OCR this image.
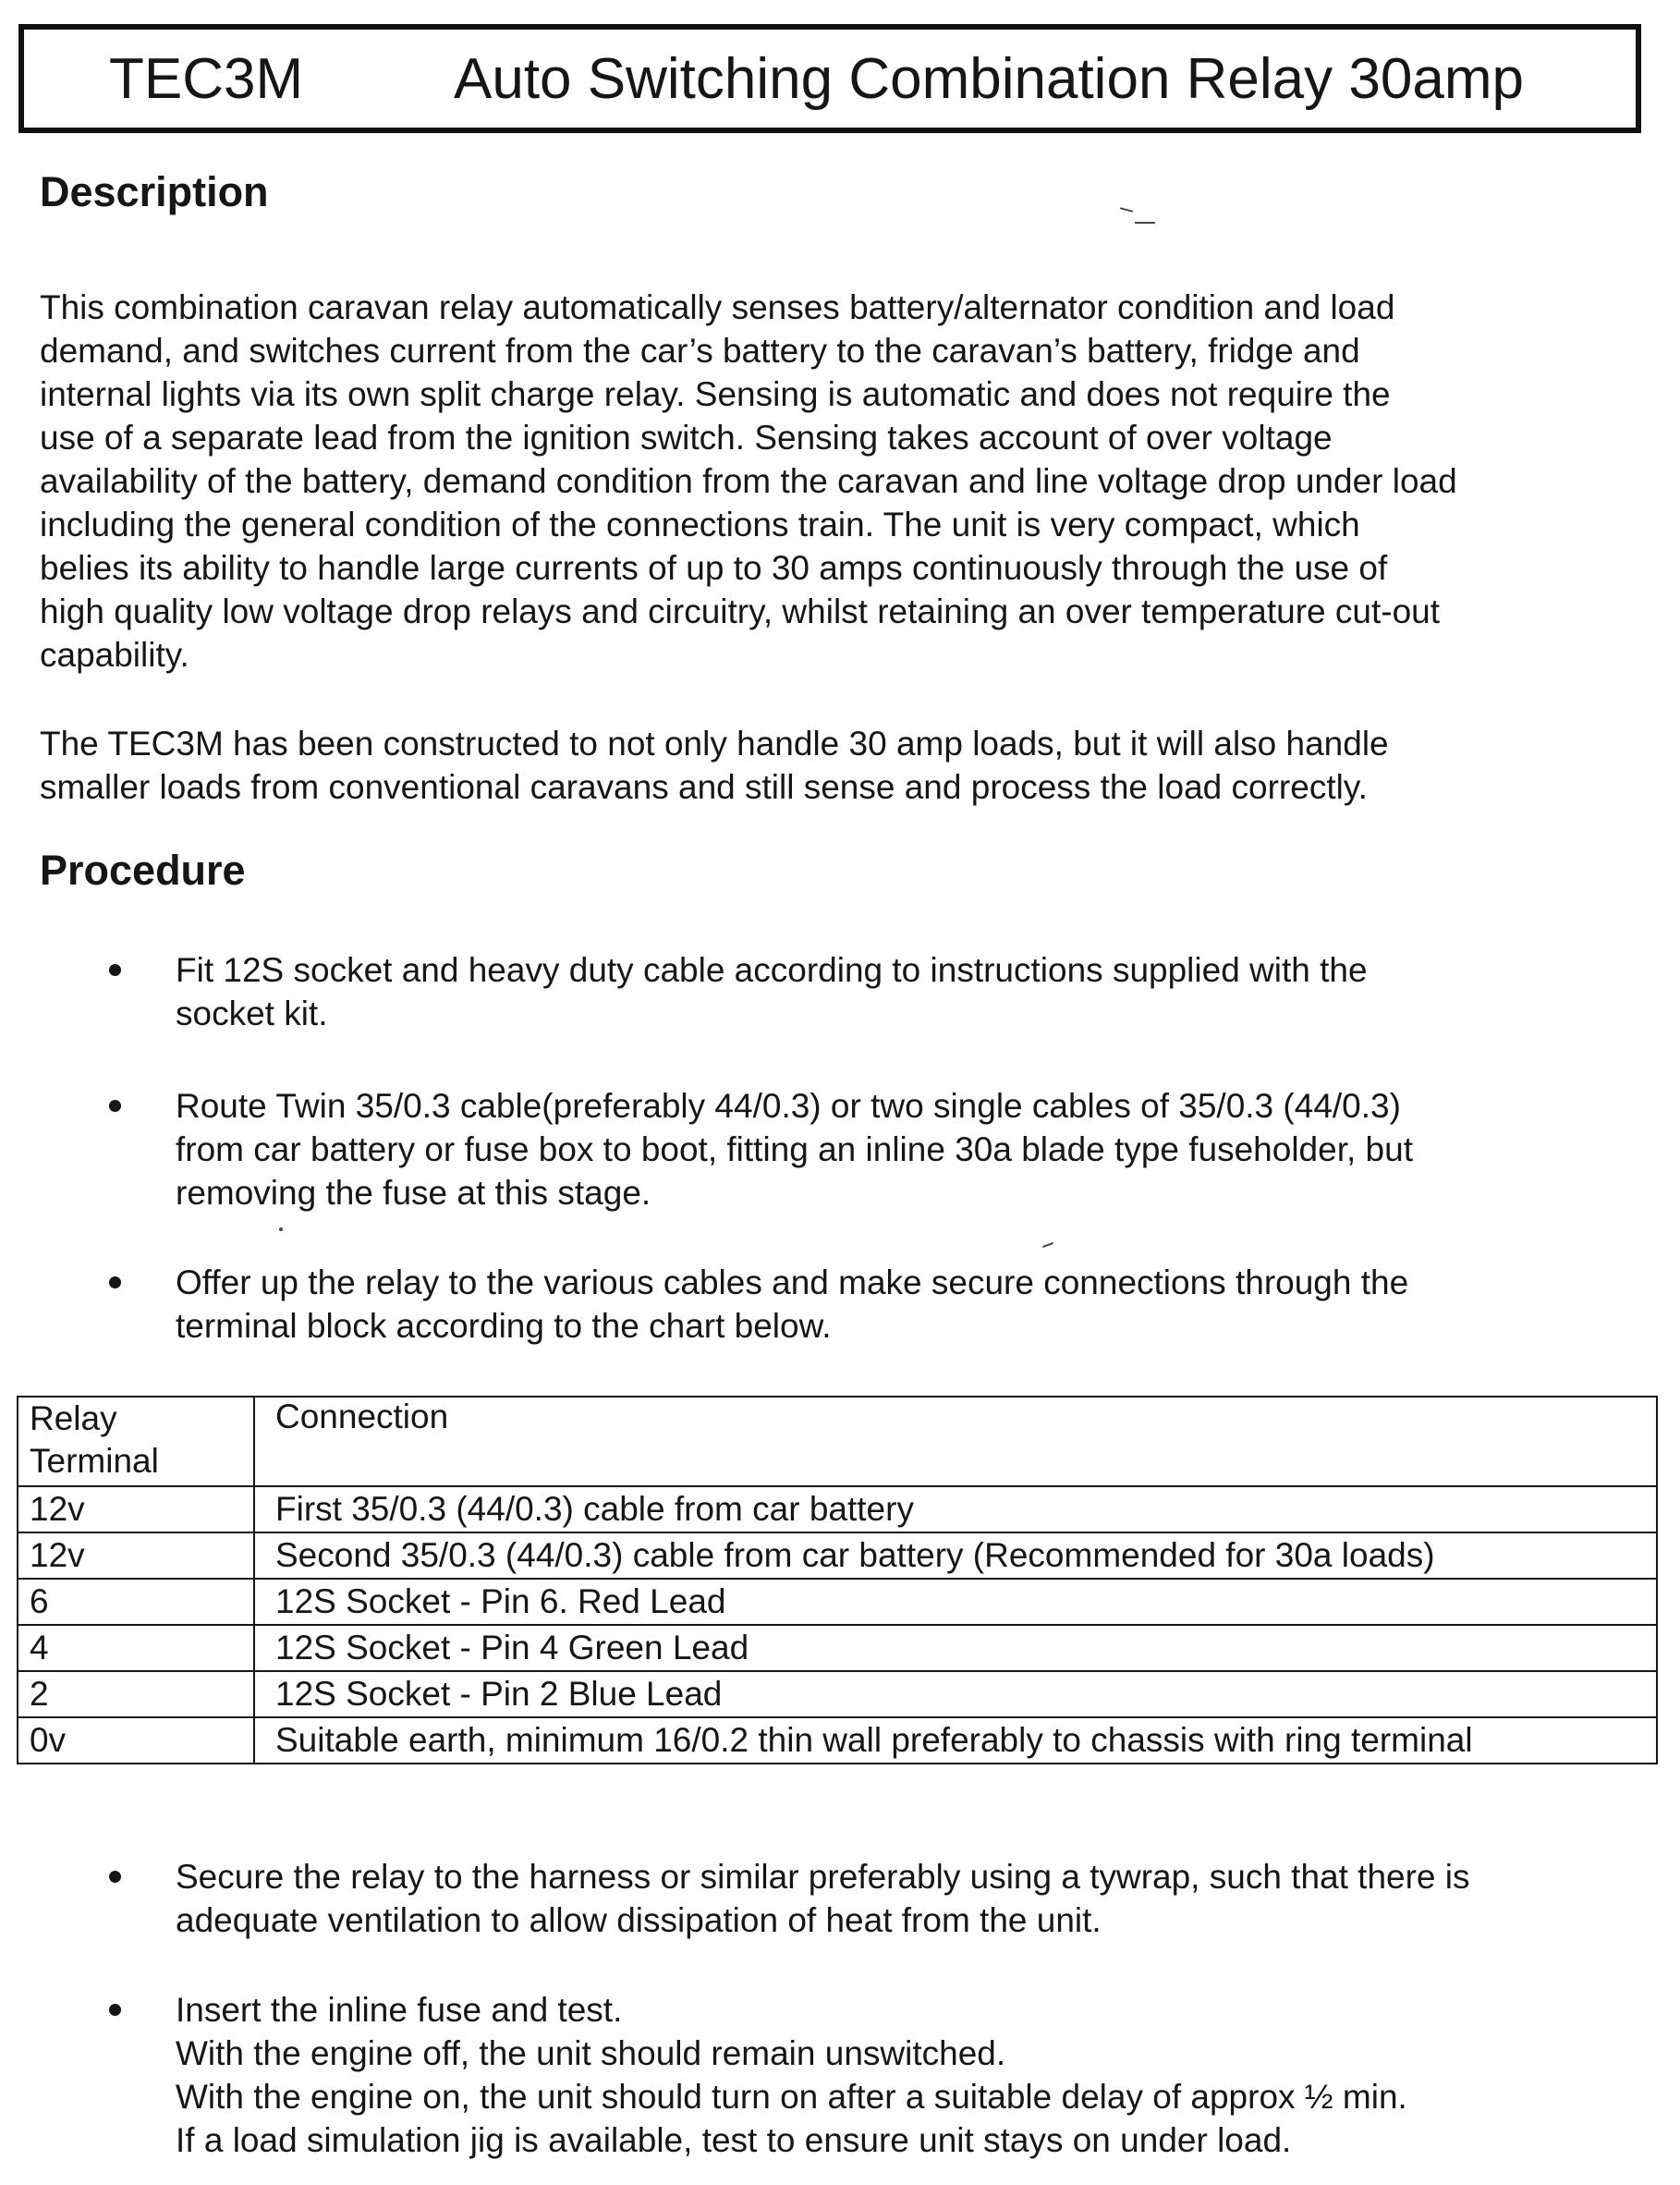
TEC3M	Auto Switching Combination Relay 30amp
Description
This combination caravan relay automatically senses battery/alternator condition and load
demand, and switches current from the car’s battery to the caravan’s battery, fridge and
internal lights via its own split charge relay. Sensing is automatic and does not require the
use of a separate lead from the ignition switch. Sensing takes account of over voltage
availability of the battery, demand condition from the caravan and line voltage drop under load
including the general condition of the connections train. The unit is very compact, which
belies its ability to handle large currents of up to 30 amps continuously through the use of
high quality low voltage drop relays and circuitry, whilst retaining an over temperature cut-out
capability.
The TEC3M has been constructed to not only handle 30 amp loads, but it will also handle
smaller loads from conventional caravans and still sense and process the load correctly.
Procedure
Fit 12S socket and heavy duty cable according to instructions supplied with the
socket kit.
Route Twin 35/0.3 cable(preferably 44/0.3) or two single cables of 35/0.3 (44/0.3)
from car battery or fuse box to boot, fitting an inline 30a blade type fuseholder, but
removing the fuse at this stage.
Offer up the relay to the various cables and make secure connections through the
terminal block according to the chart below.
Relay
Terminal	Connection
12v	First 35/0.3 (44/0.3) cable from car battery
12v	Second 35/0.3 (44/0.3) cable from car battery (Recommended for 30a loads)
6	12S Socket - Pin 6. Red Lead
4	12S Socket - Pin 4 Green Lead
2	12S Socket - Pin 2 Blue Lead
0v	Suitable earth, minimum 16/0.2 thin wall preferably to chassis with ring terminal
Secure the relay to the harness or similar preferably using a tywrap, such that there is
adequate ventilation to allow dissipation of heat from the unit.
Insert the inline fuse and test.
With the engine off, the unit should remain unswitched.
With the engine on, the unit should turn on after a suitable delay of approx ½ min.
If a load simulation jig is available, test to ensure unit stays on under load.
